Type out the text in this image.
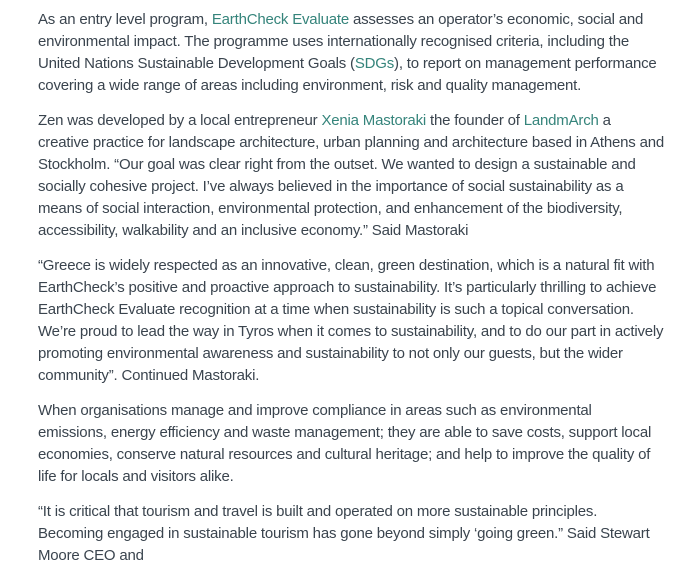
As an entry level program, EarthCheck Evaluate assesses an operator’s economic, social and environmental impact. The programme uses internationally recognised criteria, including the United Nations Sustainable Development Goals (SDGs), to report on management performance covering a wide range of areas including environment, risk and quality management.

Zen was developed by a local entrepreneur Xenia Mastoraki the founder of LandmArch a creative practice for landscape architecture, urban planning and architecture based in Athens and Stockholm. “Our goal was clear right from the outset. We wanted to design a sustainable and socially cohesive project. I’ve always believed in the importance of social sustainability as a means of social interaction, environmental protection, and enhancement of the biodiversity, accessibility, walkability and an inclusive economy.” Said Mastoraki

“Greece is widely respected as an innovative, clean, green destination, which is a natural fit with EarthCheck’s positive and proactive approach to sustainability. It’s particularly thrilling to achieve EarthCheck Evaluate recognition at a time when sustainability is such a topical conversation. We’re proud to lead the way in Tyros when it comes to sustainability, and to do our part in actively promoting environmental awareness and sustainability to not only our guests, but the wider community”. Continued Mastoraki.

When organisations manage and improve compliance in areas such as environmental emissions, energy efficiency and waste management; they are able to save costs, support local economies, conserve natural resources and cultural heritage; and help to improve the quality of life for locals and visitors alike.

“It is critical that tourism and travel is built and operated on more sustainable principles. Becoming engaged in sustainable tourism has gone beyond simply ‘going green.” Said Stewart Moore CEO and
